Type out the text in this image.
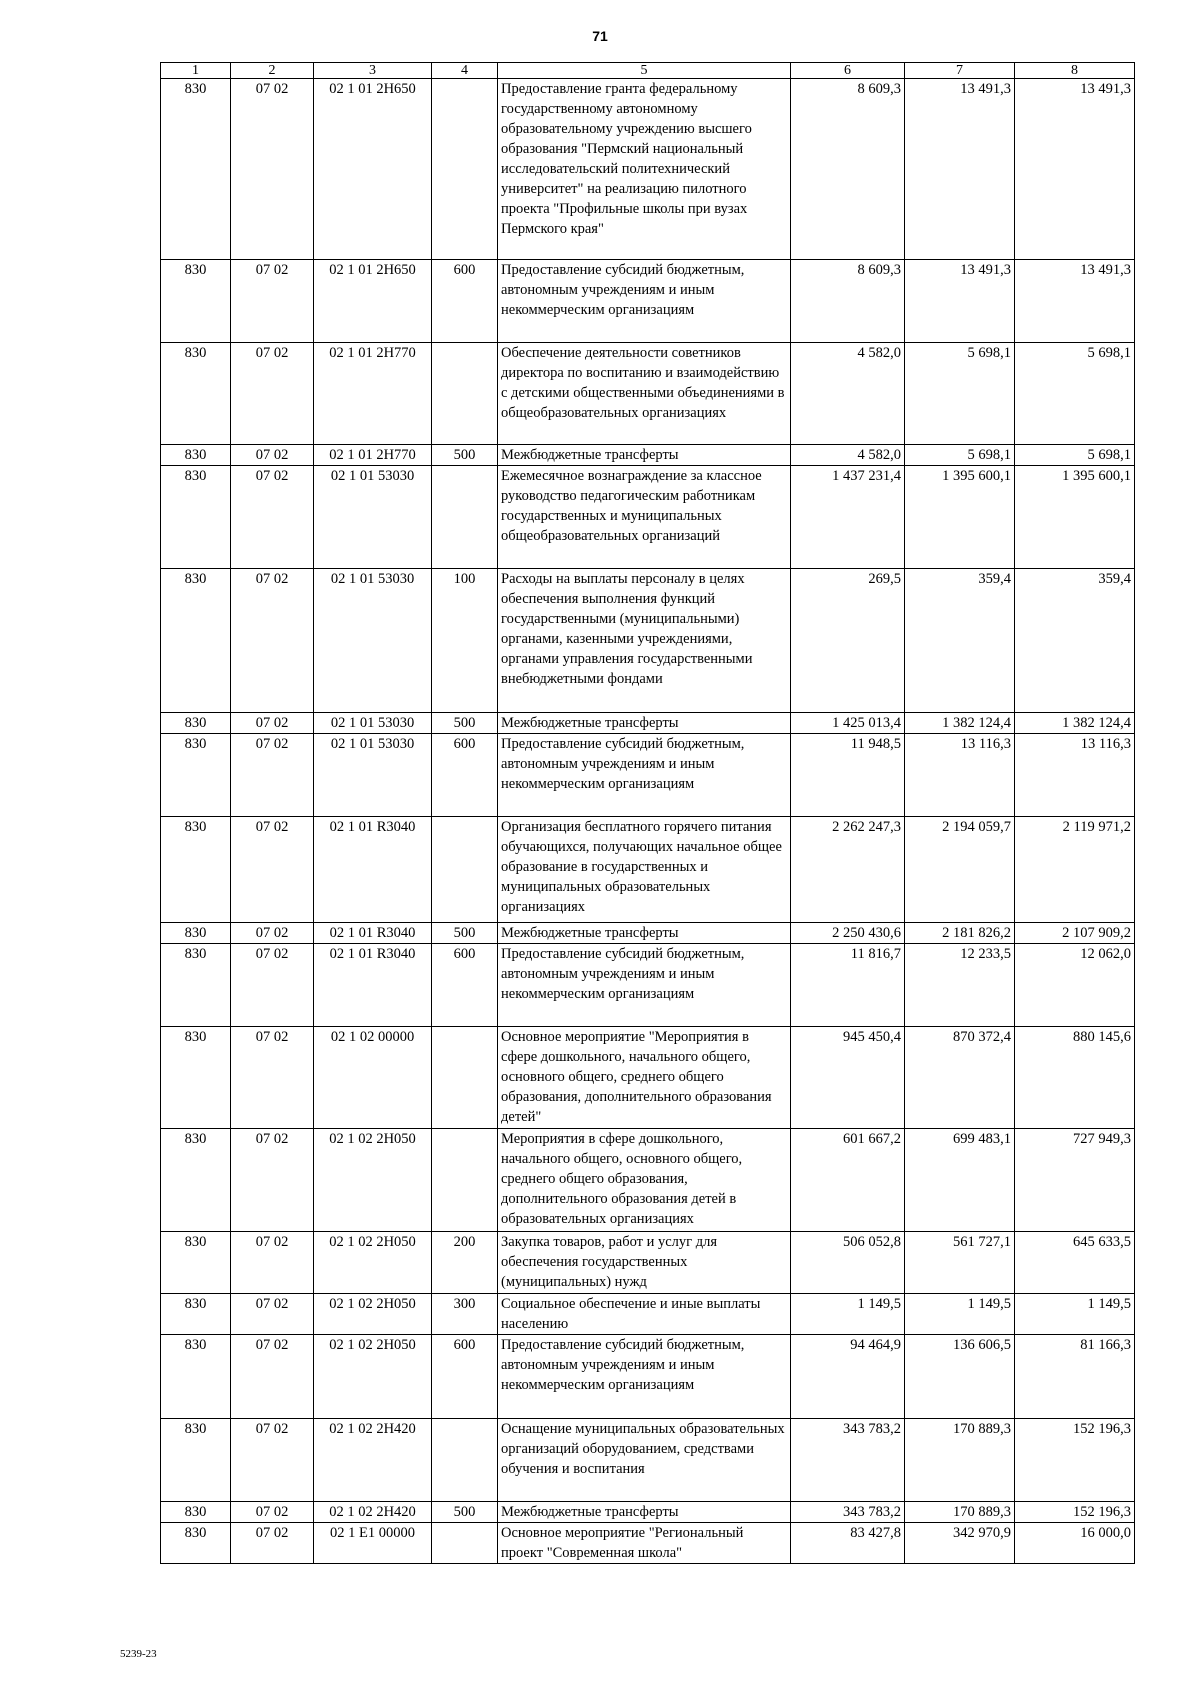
71
1	2	3	4	5	6	7	8
830	07 02	02 1 01 2H650		Предоставление гранта федеральному государственному автономному образовательному учреждению высшего образования "Пермский национальный исследовательский политехнический университет" на реализацию пилотного проекта "Профильные школы при вузах Пермского края"	8 609,3	13 491,3	13 491,3
830	07 02	02 1 01 2H650	600	Предоставление субсидий бюджетным, автономным учреждениям и иным некоммерческим организациям	8 609,3	13 491,3	13 491,3
830	07 02	02 1 01 2H770		Обеспечение деятельности советников директора по воспитанию и взаимодействию с детскими общественными объединениями в общеобразовательных организациях	4 582,0	5 698,1	5 698,1
830	07 02	02 1 01 2H770	500	Межбюджетные трансферты	4 582,0	5 698,1	5 698,1
830	07 02	02 1 01 53030		Ежемесячное вознаграждение за классное руководство педагогическим работникам государственных и муниципальных общеобразовательных организаций	1 437 231,4	1 395 600,1	1 395 600,1
830	07 02	02 1 01 53030	100	Расходы на выплаты персоналу в целях обеспечения выполнения функций государственными (муниципальными) органами, казенными учреждениями, органами управления государственными внебюджетными фондами	269,5	359,4	359,4
830	07 02	02 1 01 53030	500	Межбюджетные трансферты	1 425 013,4	1 382 124,4	1 382 124,4
830	07 02	02 1 01 53030	600	Предоставление субсидий бюджетным, автономным учреждениям и иным некоммерческим организациям	11 948,5	13 116,3	13 116,3
830	07 02	02 1 01 R3040		Организация бесплатного горячего питания обучающихся, получающих начальное общее образование в государственных и муниципальных образовательных организациях	2 262 247,3	2 194 059,7	2 119 971,2
830	07 02	02 1 01 R3040	500	Межбюджетные трансферты	2 250 430,6	2 181 826,2	2 107 909,2
830	07 02	02 1 01 R3040	600	Предоставление субсидий бюджетным, автономным учреждениям и иным некоммерческим организациям	11 816,7	12 233,5	12 062,0
830	07 02	02 1 02 00000		Основное мероприятие "Мероприятия в сфере дошкольного, начального общего, основного общего, среднего общего образования, дополнительного образования детей"	945 450,4	870 372,4	880 145,6
830	07 02	02 1 02 2H050		Мероприятия в сфере дошкольного, начального общего, основного общего, среднего общего образования, дополнительного образования детей в образовательных организациях	601 667,2	699 483,1	727 949,3
830	07 02	02 1 02 2H050	200	Закупка товаров, работ и услуг для обеспечения государственных (муниципальных) нужд	506 052,8	561 727,1	645 633,5
830	07 02	02 1 02 2H050	300	Социальное обеспечение и иные выплаты населению	1 149,5	1 149,5	1 149,5
830	07 02	02 1 02 2H050	600	Предоставление субсидий бюджетным, автономным учреждениям и иным некоммерческим организациям	94 464,9	136 606,5	81 166,3
830	07 02	02 1 02 2H420		Оснащение муниципальных образовательных организаций оборудованием, средствами обучения и воспитания	343 783,2	170 889,3	152 196,3
830	07 02	02 1 02 2H420	500	Межбюджетные трансферты	343 783,2	170 889,3	152 196,3
830	07 02	02 1 E1 00000		Основное мероприятие "Региональный проект "Современная школа"	83 427,8	342 970,9	16 000,0
5239-23
